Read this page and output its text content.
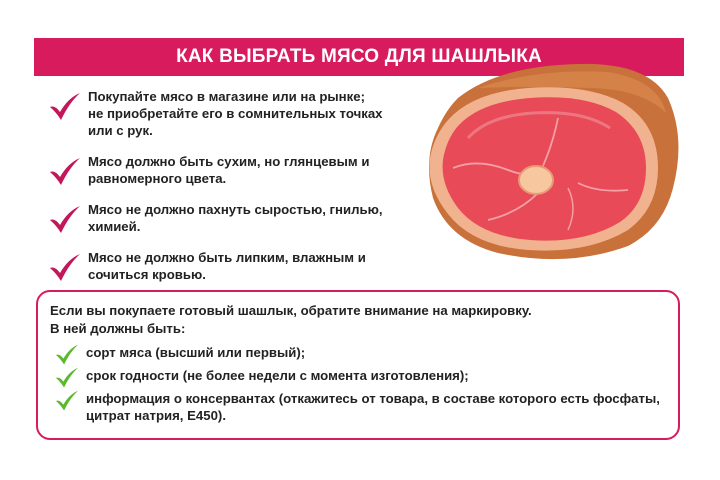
КАК ВЫБРАТЬ МЯСО ДЛЯ ШАШЛЫКА
Покупайте мясо в магазине или на рынке;
не приобретайте его в сомнительных точках
или с рук.
Мясо должно быть сухим, но глянцевым и
равномерного цвета.
Мясо не должно пахнуть сыростью, гнилью,
химией.
Мясо не должно быть липким, влажным и
сочиться кровью.
Если вы покупаете готовый шашлык, обратите внимание на маркировку.
В ней должны быть:
сорт мяса (высший или первый);
срок годности (не более недели с момента изготовления);
информация о консервантах (откажитесь от товара, в составе которого есть фосфаты,
цитрат натрия, Е450).
